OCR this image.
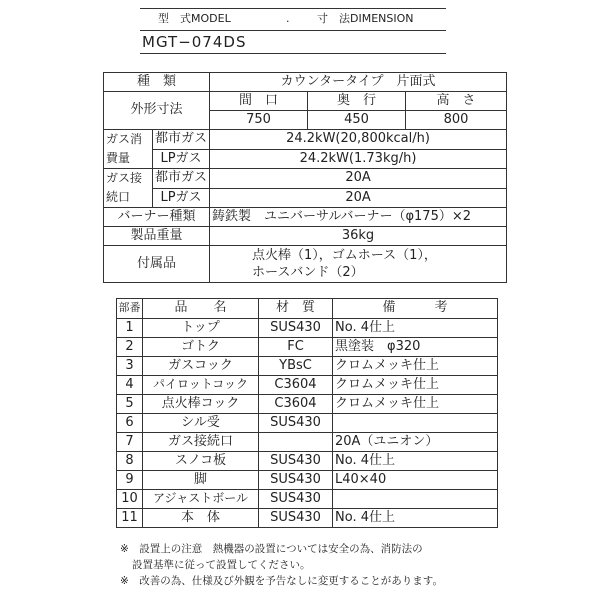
型　式MODEL	.	寸　法DIMENSION
MGT−074DS
種　類		カウンタータイプ　片面式		
外形寸法		間　口	奥　行	高　さ
		750	450	800
ガス消費量	都市ガス	24.2kW(20,800kcal/h)		
	LPガス	24.2kW(1.73kg/h)		
ガス接続口	都市ガス	20A		
	LPガス	20A		
バーナー種類		鋳鉄製　ユニバーサルバーナー（φ175）×2		
製品重量		36kg		
付属品		点火棒（1），ゴムホース（1），
ホースバンド（2）		
部番	品　　名	材　質	備　　　考
1	トップ	SUS430	No. 4仕上
2	ゴトク	FC	黒塗装　φ320
3	ガスコック	YBsC	クロムメッキ仕上
4	パイロットコック	C3604	クロムメッキ仕上
5	点火棒コック	C3604	クロムメッキ仕上
6	シル受	SUS430	
7	ガス接続口		20A（ユニオン）
8	スノコ板	SUS430	No. 4仕上
9	脚	SUS430	L40×40
10	アジャストボール	SUS430	
11	本　体	SUS430	No. 4仕上
※　設置上の注意　熱機器の設置については安全の為、消防法の
設置基準に従って設置してください。
※　改善の為、仕様及び外観を予告なしに変更することがあります。
